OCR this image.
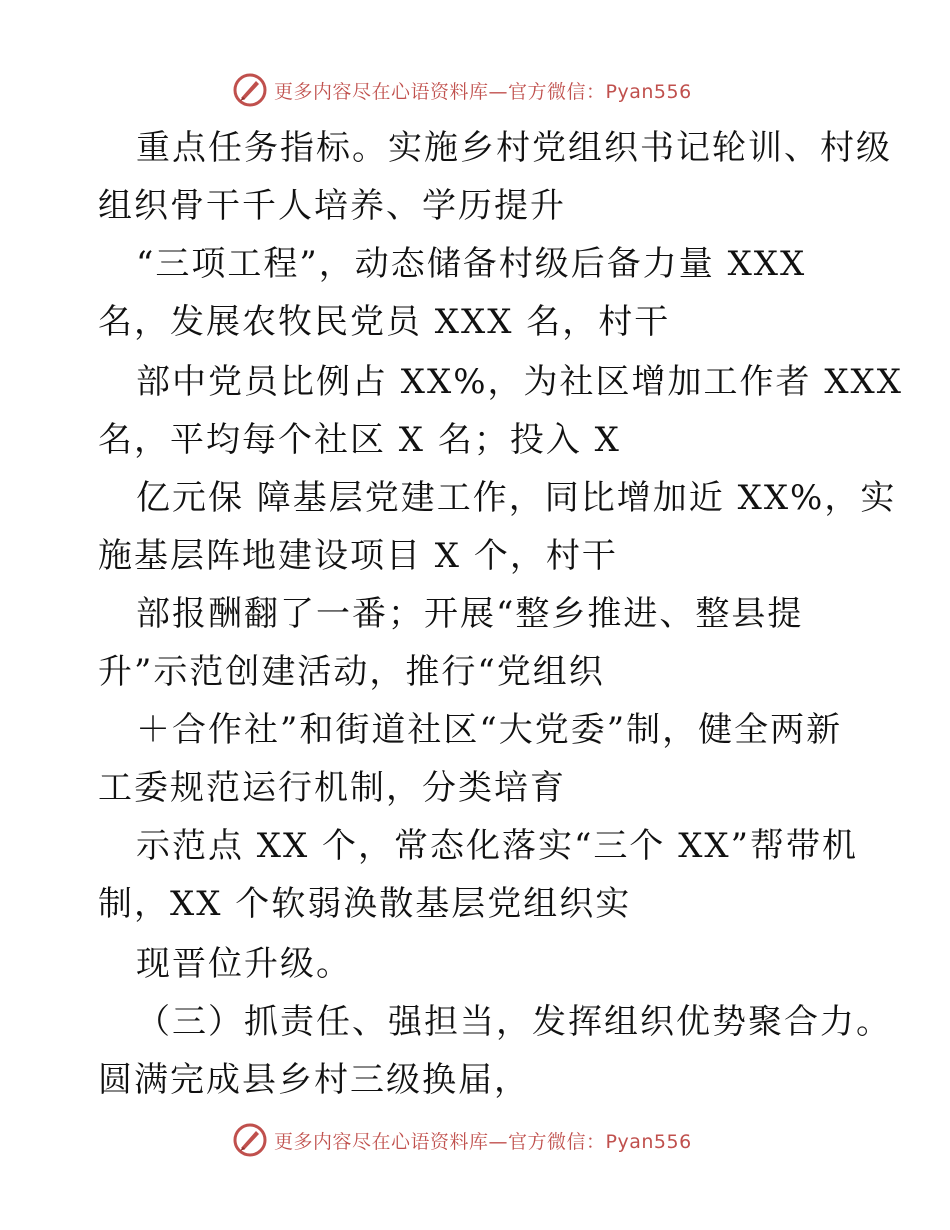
更多内容尽在心语资料库—官方微信：Pyan556
重点任务指标。实施乡村党组织书记轮训、村级
组织骨干千人培养、学历提升
“三项工程”，动态储备村级后备力量 XXX
名，发展农牧民党员 XXX 名，村干
部中党员比例占 XX%，为社区增加工作者 XXX
名，平均每个社区 X 名；投入 X
亿元保 障基层党建工作，同比增加近 XX%，实
施基层阵地建设项目 X 个，村干
部报酬翻了一番；开展“整乡推进、整县提
升”示范创建活动，推行“党组织
＋合作社”和街道社区“大党委”制，健全两新
工委规范运行机制，分类培育
示范点 XX 个，常态化落实“三个 XX”帮带机
制，XX 个软弱涣散基层党组织实
现晋位升级。
（三）抓责任、强担当，发挥组织优势聚合力。
圆满完成县乡村三级换届，
更多内容尽在心语资料库—官方微信：Pyan556
